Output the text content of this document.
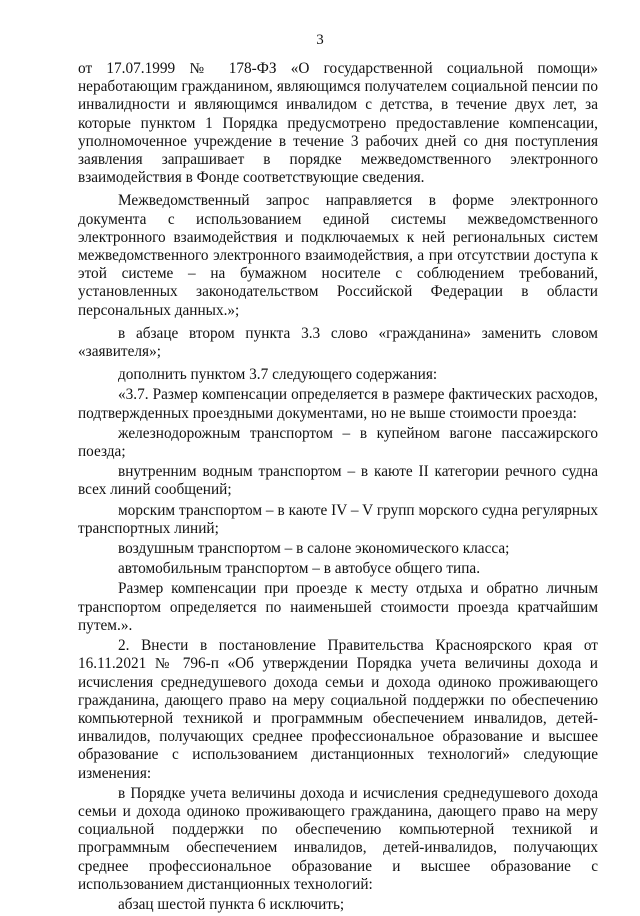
3

от 17.07.1999 № 178-ФЗ «О государственной социальной помощи» неработающим гражданином, являющимся получателем социальной пенсии по инвалидности и являющимся инвалидом с детства, в течение двух лет, за которые пунктом 1 Порядка предусмотрено предоставление компенсации, уполномоченное учреждение в течение 3 рабочих дней со дня поступления заявления запрашивает в порядке межведомственного электронного взаимодействия в Фонде соответствующие сведения.

Межведомственный запрос направляется в форме электронного документа с использованием единой системы межведомственного электронного взаимодействия и подключаемых к ней региональных систем межведомственного электронного взаимодействия, а при отсутствии доступа к этой системе – на бумажном носителе с соблюдением требований, установленных законодательством Российской Федерации в области персональных данных.»;

в абзаце втором пункта 3.3 слово «гражданина» заменить словом «заявителя»;

дополнить пунктом 3.7 следующего содержания:

«3.7. Размер компенсации определяется в размере фактических расходов, подтвержденных проездными документами, но не выше стоимости проезда:

железнодорожным транспортом – в купейном вагоне пассажирского поезда;

внутренним водным транспортом – в каюте II категории речного судна всех линий сообщений;

морским транспортом – в каюте IV – V групп морского судна регулярных транспортных линий;

воздушным транспортом – в салоне экономического класса;

автомобильным транспортом – в автобусе общего типа.

Размер компенсации при проезде к месту отдыха и обратно личным транспортом определяется по наименьшей стоимости проезда кратчайшим путем.».

2. Внести в постановление Правительства Красноярского края от 16.11.2021 № 796-п «Об утверждении Порядка учета величины дохода и исчисления среднедушевого дохода семьи и дохода одиноко проживающего гражданина, дающего право на меру социальной поддержки по обеспечению компьютерной техникой и программным обеспечением инвалидов, детей-инвалидов, получающих среднее профессиональное образование и высшее образование с использованием дистанционных технологий» следующие изменения:

в Порядке учета величины дохода и исчисления среднедушевого дохода семьи и дохода одиноко проживающего гражданина, дающего право на меру социальной поддержки по обеспечению компьютерной техникой и программным обеспечением инвалидов, детей-инвалидов, получающих среднее профессиональное образование и высшее образование с использованием дистанционных технологий:

абзац шестой пункта 6 исключить;
